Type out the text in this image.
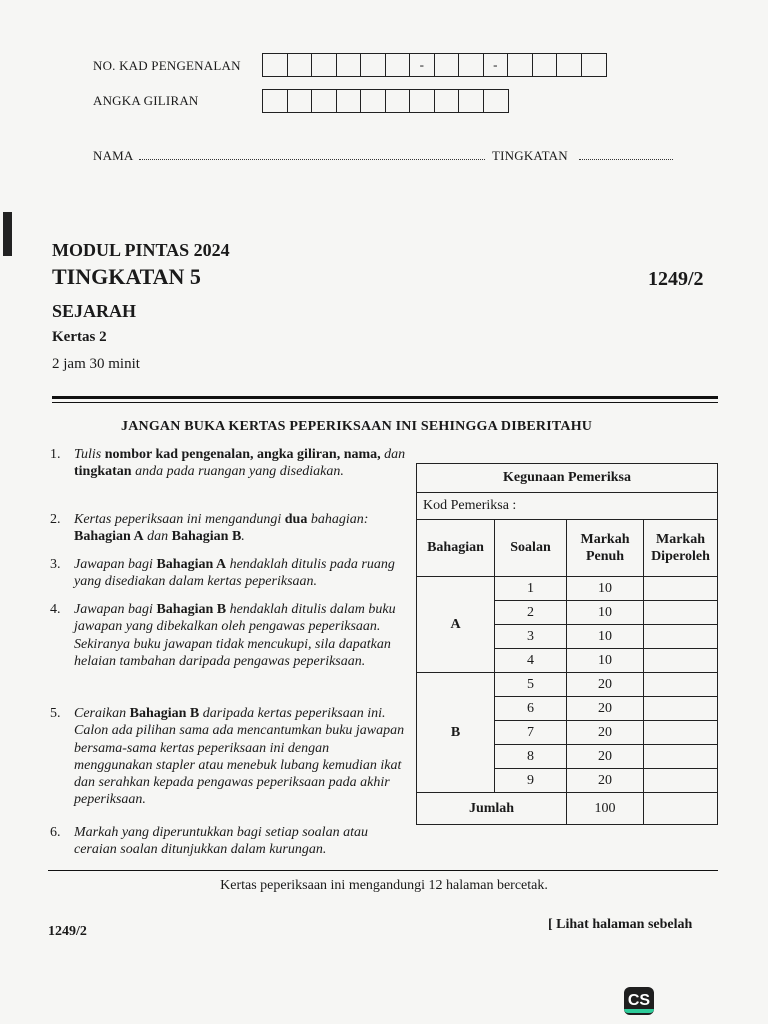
NO. KAD PENGENALAN	-	-
ANGKA GILIRAN
NAMA	TINGKATAN
MODUL PINTAS 2024
TINGKATAN 5	1249/2
SEJARAH
Kertas 2
2 jam 30 minit
JANGAN BUKA KERTAS PEPERIKSAAN INI SEHINGGA DIBERITAHU
1. Tulis nombor kad pengenalan, angka giliran, nama, dan tingkatan anda pada ruangan yang disediakan.
2. Kertas peperiksaan ini mengandungi dua bahagian: Bahagian A dan Bahagian B.
3. Jawapan bagi Bahagian A hendaklah ditulis pada ruang yang disediakan dalam kertas peperiksaan.
4. Jawapan bagi Bahagian B hendaklah ditulis dalam buku jawapan yang dibekalkan oleh pengawas peperiksaan. Sekiranya buku jawapan tidak mencukupi, sila dapatkan helaian tambahan daripada pengawas peperiksaan.
5. Ceraikan Bahagian B daripada kertas peperiksaan ini. Calon ada pilihan sama ada mencantumkan buku jawapan bersama-sama kertas peperiksaan ini dengan menggunakan stapler atau menebuk lubang kemudian ikat dan serahkan kepada pengawas peperiksaan pada akhir peperiksaan.
6. Markah yang diperuntukkan bagi setiap soalan atau ceraian soalan ditunjukkan dalam kurungan.
Kegunaan Pemeriksa			
Kod Pemeriksa :			
Bahagian	Soalan	Markah Penuh	Markah Diperoleh
A	1	10	
	2	10	
	3	10	
	4	10	
B	5	20	
	6	20	
	7	20	
	8	20	
	9	20	
Jumlah		100	
Kertas peperiksaan ini mengandungi 12 halaman bercetak.
1249/2	[ Lihat halaman sebelah
CS
